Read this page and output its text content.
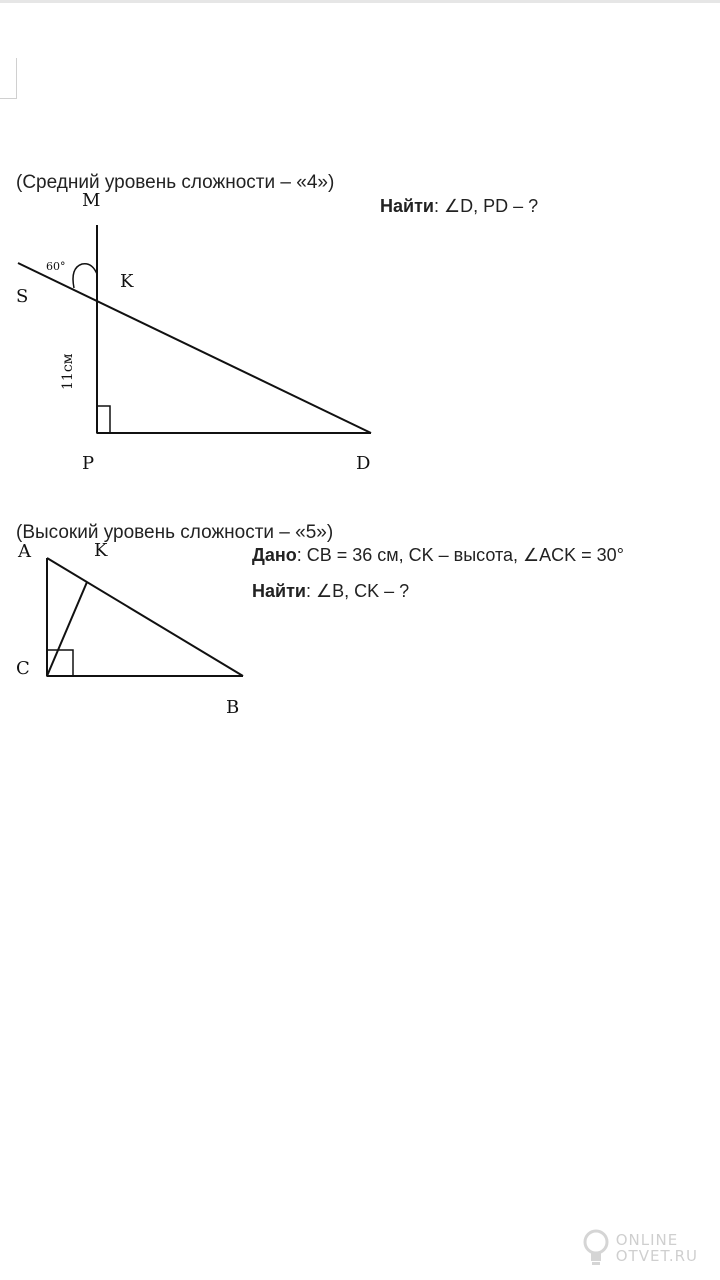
(Средний уровень сложности – «4»)
Найти: ∠D, PD – ?
M
K
S
P	D
60°
11см
(Высокий уровень сложности – «5»)
Дано: CB = 36 см, CK – высота, ∠ACK = 30°
Найти: ∠B, CK – ?
A	K
C
B
ONLINE
OTVET.RU
